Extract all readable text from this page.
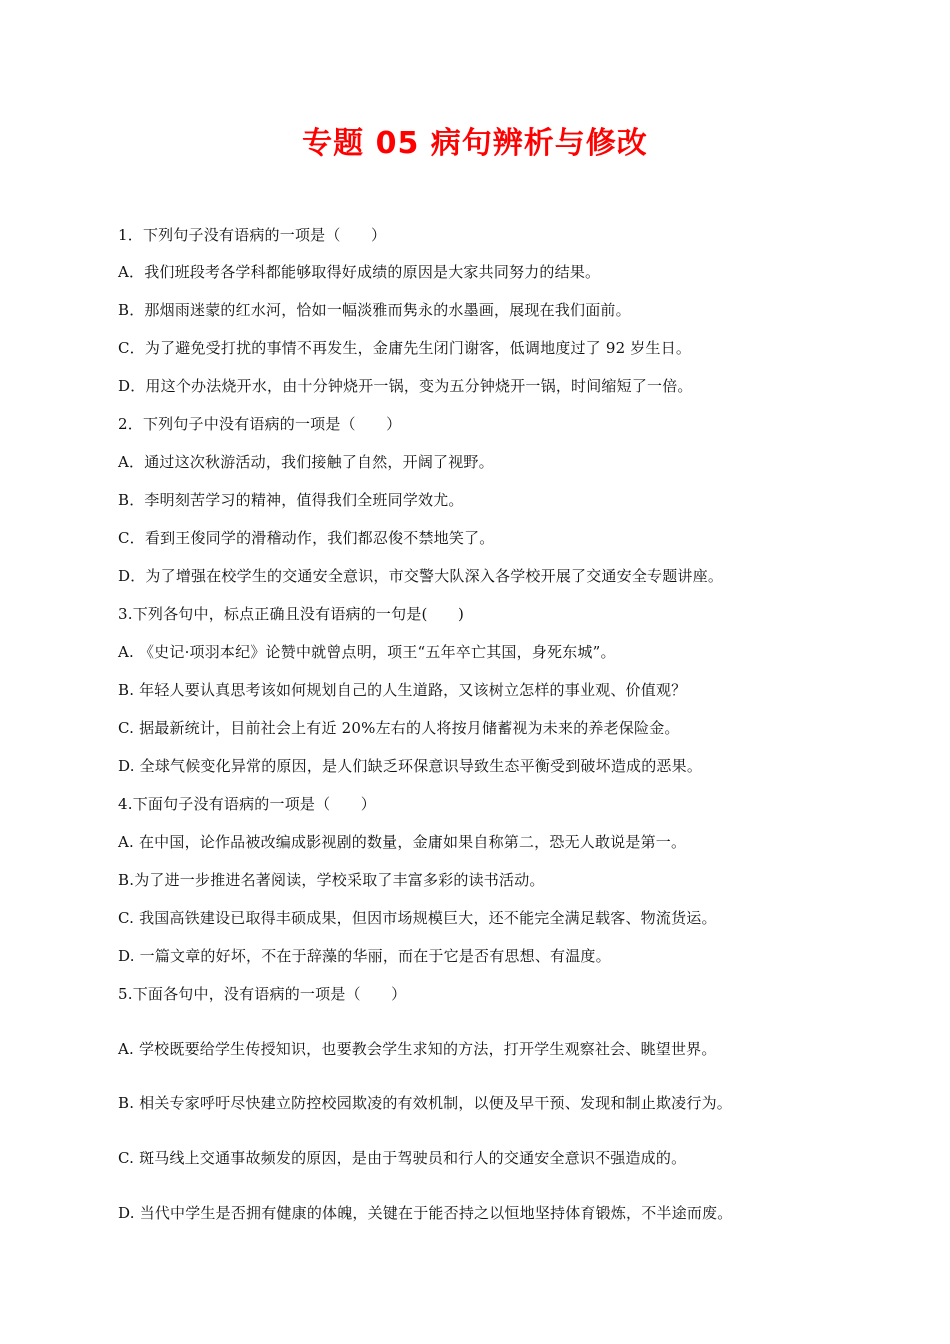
专题 05 病句辨析与修改
1．下列句子没有语病的一项是（　　）
A．我们班段考各学科都能够取得好成绩的原因是大家共同努力的结果。
B．那烟雨迷蒙的红水河，恰如一幅淡雅而隽永的水墨画，展现在我们面前。
C．为了避免受打扰的事情不再发生，金庸先生闭门谢客，低调地度过了 92 岁生日。
D．用这个办法烧开水，由十分钟烧开一锅，变为五分钟烧开一锅，时间缩短了一倍。
2．下列句子中没有语病的一项是（　　）
A．通过这次秋游活动，我们接触了自然，开阔了视野。
B．李明刻苦学习的精神，值得我们全班同学效尤。
C．看到王俊同学的滑稽动作，我们都忍俊不禁地笑了。
D．为了增强在校学生的交通安全意识，市交警大队深入各学校开展了交通安全专题讲座。
3.下列各句中，标点正确且没有语病的一句是(　　)
A. 《史记·项羽本纪》论赞中就曾点明，项王“五年卒亡其国，身死东城”。
B. 年轻人要认真思考该如何规划自己的人生道路，又该树立怎样的事业观、价值观？
C. 据最新统计，目前社会上有近 20%左右的人将按月储蓄视为未来的养老保险金。
D. 全球气候变化异常的原因，是人们缺乏环保意识导致生态平衡受到破坏造成的恶果。
4.下面句子没有语病的一项是（　　）
A. 在中国，论作品被改编成影视剧的数量，金庸如果自称第二，恐无人敢说是第一。
B.为了进一步推进名著阅读，学校采取了丰富多彩的读书活动。
C. 我国高铁建设已取得丰硕成果，但因市场规模巨大，还不能完全满足载客、物流货运。
D. 一篇文章的好坏，不在于辞藻的华丽，而在于它是否有思想、有温度。
5.下面各句中，没有语病的一项是（　　）
A. 学校既要给学生传授知识，也要教会学生求知的方法，打开学生观察社会、眺望世界。
B. 相关专家呼吁尽快建立防控校园欺凌的有效机制，以便及早干预、发现和制止欺凌行为。
C. 斑马线上交通事故频发的原因，是由于驾驶员和行人的交通安全意识不强造成的。
D. 当代中学生是否拥有健康的体魄，关键在于能否持之以恒地坚持体育锻炼，不半途而废。
